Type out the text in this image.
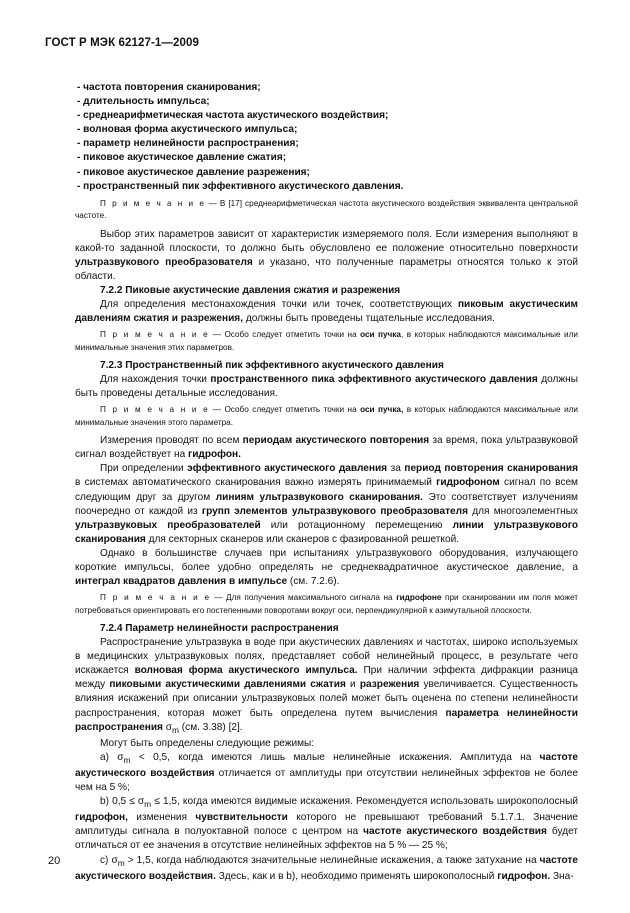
ГОСТ Р МЭК 62127-1—2009

- частота повторения сканирования;

- длительность импульса;

- среднеарифметическая частота акустического воздействия;

- волновая форма акустического импульса;

- параметр нелинейности распространения;

- пиковое акустическое давление сжатия;

- пиковое акустическое давление разрежения;

- пространственный пик эффективного акустического давления.

П р и м е ч а н и е — В [17] среднеарифметическая частота акустического воздействия эквивалента центральной частоте.

Выбор этих параметров зависит от характеристик измеряемого поля. Если измерения выполняют в какой-то заданной плоскости, то должно быть обусловлено ее положение относительно поверхности ультразвукового преобразователя и указано, что полученные параметры относятся только к этой области.

7.2.2 Пиковые акустические давления сжатия и разрежения

Для определения местонахождения точки или точек, соответствующих пиковым акустическим давлениям сжатия и разрежения, должны быть проведены тщательные исследования.

П р и м е ч а н и е — Особо следует отметить точки на оси пучка, в которых наблюдаются максимальные или минимальные значения этих параметров.

7.2.3 Пространственный пик эффективного акустического давления

Для нахождения точки пространственного пика эффективного акустического давления должны быть проведены детальные исследования.

П р и м е ч а н и е — Особо следует отметить точки на оси пучка, в которых наблюдаются максимальные или минимальные значения этого параметра.

Измерения проводят по всем периодам акустического повторения за время, пока ультразвуковой сигнал воздействует на гидрофон.

При определении эффективного акустического давления за период повторения сканирования в системах автоматического сканирования важно измерять принимаемый гидрофоном сигнал по всем следующим друг за другом линиям ультразвукового сканирования. Это соответствует излучениям поочередно от каждой из групп элементов ультразвукового преобразователя для многоэлементных ультразвуковых преобразователей или ротационному перемещению линии ультразвукового сканирования для секторных сканеров или сканеров с фазированной решеткой.

Однако в большинстве случаев при испытаниях ультразвукового оборудования, излучающего короткие импульсы, более удобно определять не среднеквадратичное акустическое давление, а интеграл квадратов давления в импульсе (см. 7.2.6).

П р и м е ч а н и е — Для получения максимального сигнала на гидрофоне при сканировании им поля может потребоваться ориентировать его постепенными поворотами вокруг оси, перпендикулярной к азимутальной плоскости.

7.2.4 Параметр нелинейности распространения

Распространение ультразвука в воде при акустических давлениях и частотах, широко используемых в медицинских ультразвуковых полях, представляет собой нелинейный процесс, в результате чего искажается волновая форма акустического импульса. При наличии эффекта дифракции разница между пиковыми акустическими давлениями сжатия и разрежения увеличивается. Существенность влияния искажений при описании ультразвуковых полей может быть оценена по степени нелинейности распространения, которая может быть определена путем вычисления параметра нелинейности распространения $\sigma_m$ (см. 3.38) [2].

Могут быть определены следующие режимы:

a) $\sigma_m < 0,5$, когда имеются лишь малые нелинейные искажения. Амплитуда на частоте акустического воздействия отличается от амплитуды при отсутствии нелинейных эффектов не более чем на 5 %;

b) $0,5 \le \sigma_m \le 1,5$, когда имеются видимые искажения. Рекомендуется использовать широкополосный гидрофон, изменения чувствительности которого не превышают требований 5.1.7.1. Значение амплитуды сигнала в полуоктавной полосе с центром на частоте акустического воздействия будет отличаться от ее значения в отсутствие нелинейных эффектов на 5 % — 25 %;

c) $\sigma_m > 1,5$, когда наблюдаются значительные нелинейные искажения, а также затухание на частоте акустического воздействия. Здесь, как и в b), необходимо применять широкополосный гидрофон. Зна-

20
